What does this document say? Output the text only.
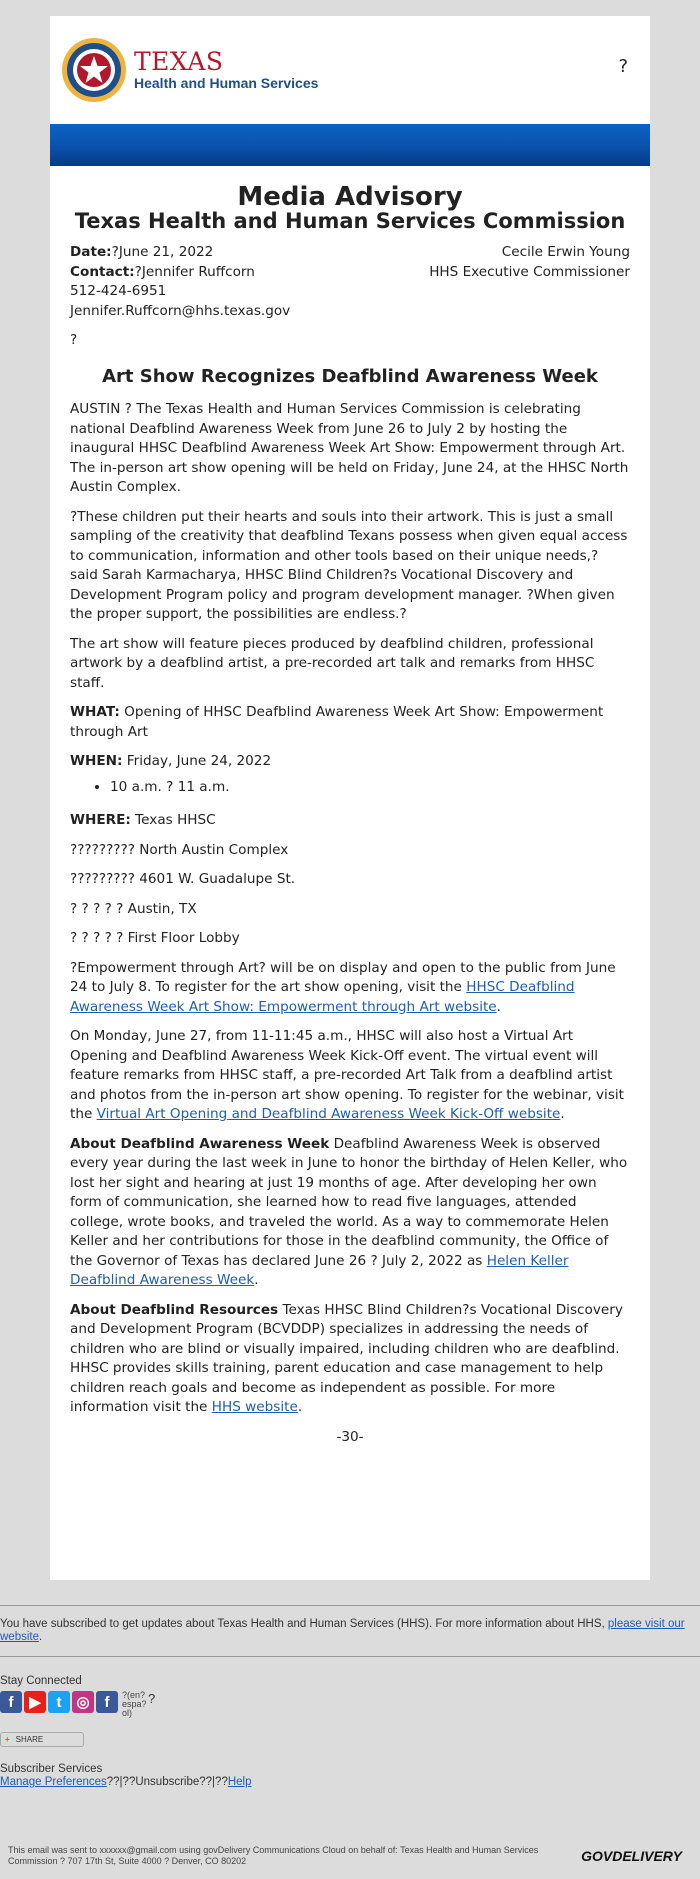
TEXAS
Health and Human Services
?
Media Advisory
Texas Health and Human Services Commission
Date:?June 21, 2022
Contact:?Jennifer Ruffcorn
512-424-6951
Jennifer.Ruffcorn@hhs.texas.gov
Cecile Erwin Young
HHS Executive Commissioner

?

Art Show Recognizes Deafblind Awareness Week

AUSTIN ? The Texas Health and Human Services Commission is celebrating national Deafblind Awareness Week from June 26 to July 2 by hosting the inaugural HHSC Deafblind Awareness Week Art Show: Empowerment through Art. The in-person art show opening will be held on Friday, June 24, at the HHSC North Austin Complex.

?These children put their hearts and souls into their artwork. This is just a small sampling of the creativity that deafblind Texans possess when given equal access to communication, information and other tools based on their unique needs,? said Sarah Karmacharya, HHSC Blind Children?s Vocational Discovery and Development Program policy and program development manager. ?When given the proper support, the possibilities are endless.?

The art show will feature pieces produced by deafblind children, professional artwork by a deafblind artist, a pre-recorded art talk and remarks from HHSC staff.

WHAT: Opening of HHSC Deafblind Awareness Week Art Show: Empowerment through Art

WHEN: Friday, June 24, 2022

• 10 a.m. ? 11 a.m.

WHERE: Texas HHSC

????????? North Austin Complex

????????? 4601 W. Guadalupe St.

? ? ? ? ? Austin, TX

? ? ? ? ? First Floor Lobby

?Empowerment through Art? will be on display and open to the public from June 24 to July 8. To register for the art show opening, visit the HHSC Deafblind Awareness Week Art Show: Empowerment through Art website.

On Monday, June 27, from 11-11:45 a.m., HHSC will also host a Virtual Art Opening and Deafblind Awareness Week Kick-Off event. The virtual event will feature remarks from HHSC staff, a pre-recorded Art Talk from a deafblind artist and photos from the in-person art show opening. To register for the webinar, visit the Virtual Art Opening and Deafblind Awareness Week Kick-Off website.

About Deafblind Awareness Week Deafblind Awareness Week is observed every year during the last week in June to honor the birthday of Helen Keller, who lost her sight and hearing at just 19 months of age. After developing her own form of communication, she learned how to read five languages, attended college, wrote books, and traveled the world. As a way to commemorate Helen Keller and her contributions for those in the deafblind community, the Office of the Governor of Texas has declared June 26 ? July 2, 2022 as Helen Keller Deafblind Awareness Week.

About Deafblind Resources Texas HHSC Blind Children?s Vocational Discovery and Development Program (BCVDDP) specializes in addressing the needs of children who are blind or visually impaired, including children who are deafblind. HHSC provides skills training, parent education and case management to help children reach goals and become as independent as possible. For more information visit the HHS website.

-30-

You have subscribed to get updates about Texas Health and Human Services (HHS). For more information about HHS, please visit our website.
Stay Connected
f	▶	t ◎ f	?(en?espa?ol)
?
+ SHARE
Subscriber Services
Manage Preferences??|??Unsubscribe??|??Help
This email was sent to xxxxxx@gmail.com using govDelivery Communications Cloud on behalf of: Texas Health and Human Services Commission ? 707 17th St, Suite 4000 ? Denver, CO 80202	GOVDELIVERY
